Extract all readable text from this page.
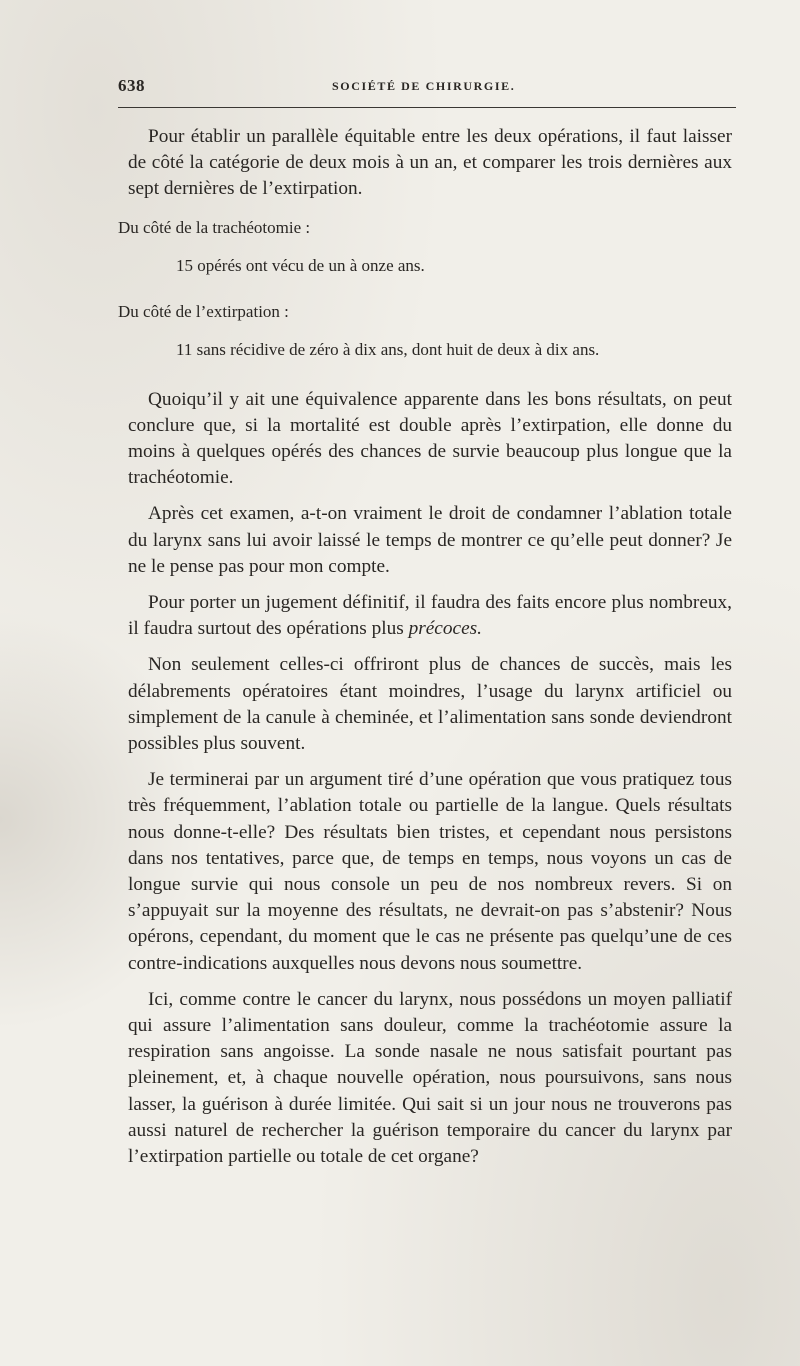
638	SOCIÉTÉ DE CHIRURGIE.

Pour établir un parallèle équitable entre les deux opérations, il faut laisser de côté la catégorie de deux mois à un an, et comparer les trois dernières aux sept dernières de l’extirpation.

Du côté de la trachéotomie :

15 opérés ont vécu de un à onze ans.

Du côté de l’extirpation :

11 sans récidive de zéro à dix ans, dont huit de deux à dix ans.

Quoiqu’il y ait une équivalence apparente dans les bons résultats, on peut conclure que, si la mortalité est double après l’extirpation, elle donne du moins à quelques opérés des chances de survie beaucoup plus longue que la trachéotomie.

Après cet examen, a-t-on vraiment le droit de condamner l’ablation totale du larynx sans lui avoir laissé le temps de montrer ce qu’elle peut donner? Je ne le pense pas pour mon compte.

Pour porter un jugement définitif, il faudra des faits encore plus nombreux, il faudra surtout des opérations plus précoces.

Non seulement celles-ci offriront plus de chances de succès, mais les délabrements opératoires étant moindres, l’usage du larynx artificiel ou simplement de la canule à cheminée, et l’alimentation sans sonde deviendront possibles plus souvent.

Je terminerai par un argument tiré d’une opération que vous pratiquez tous très fréquemment, l’ablation totale ou partielle de la langue. Quels résultats nous donne-t-elle? Des résultats bien tristes, et cependant nous persistons dans nos tentatives, parce que, de temps en temps, nous voyons un cas de longue survie qui nous console un peu de nos nombreux revers. Si on s’appuyait sur la moyenne des résultats, ne devrait-on pas s’abstenir? Nous opérons, cependant, du moment que le cas ne présente pas quelqu’une de ces contre-indications auxquelles nous devons nous soumettre.

Ici, comme contre le cancer du larynx, nous possédons un moyen palliatif qui assure l’alimentation sans douleur, comme la trachéotomie assure la respiration sans angoisse. La sonde nasale ne nous satisfait pourtant pas pleinement, et, à chaque nouvelle opération, nous poursuivons, sans nous lasser, la guérison à durée limitée. Qui sait si un jour nous ne trouverons pas aussi naturel de rechercher la guérison temporaire du cancer du larynx par l’extirpation partielle ou totale de cet organe?
